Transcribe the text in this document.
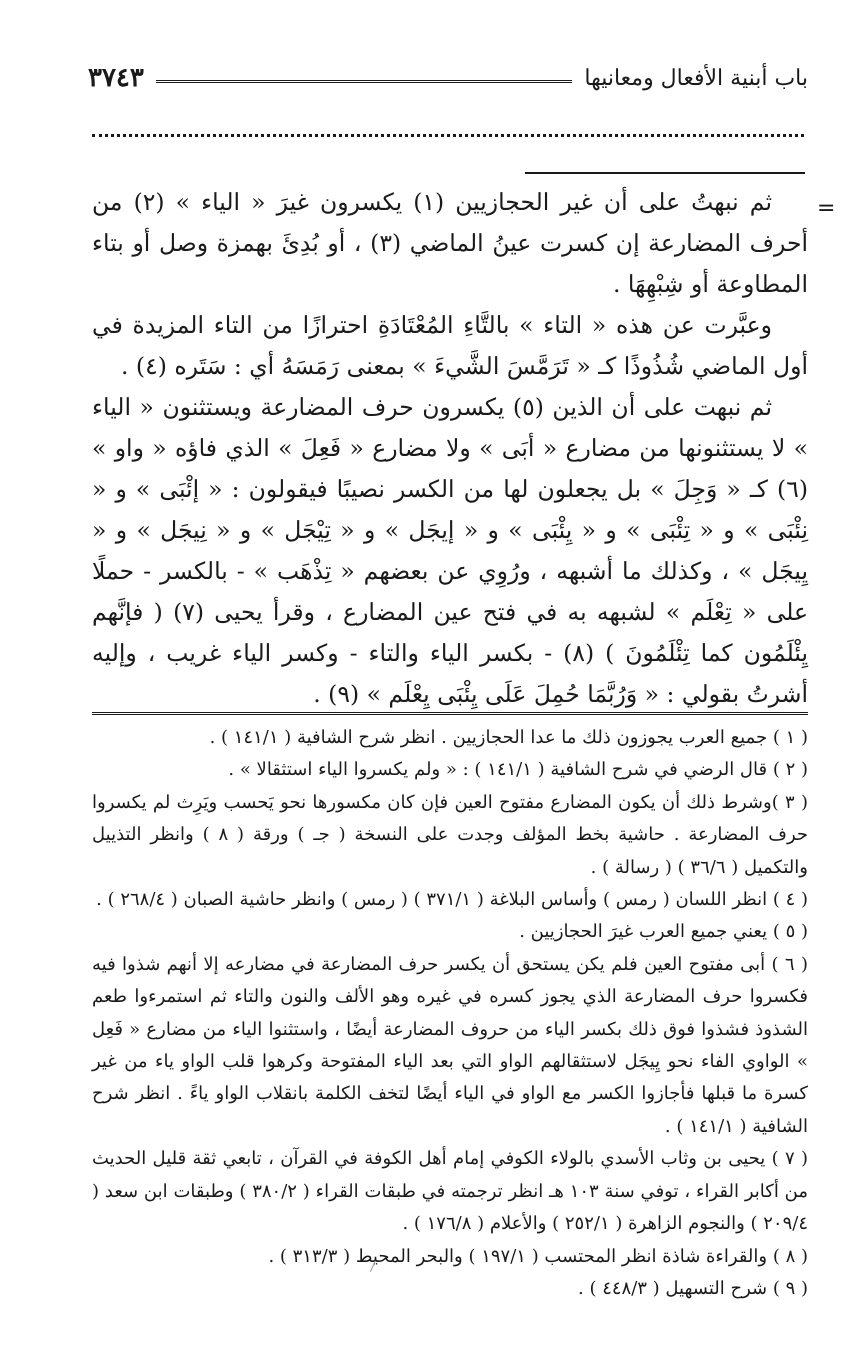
باب أبنية الأفعال ومعانيها
٣٧٤٣
=

ثم نبهتُ على أن غير الحجازيين (١) يكسرون غيرَ « الياء » (٢) من أحرف المضارعة إن كسرت عينُ الماضي (٣) ، أو بُدِئَ بهمزة وصل أو بتاء المطاوعة أو شِبْهِهَا .

وعبَّرت عن هذه « التاء » بالتَّاءِ المُعْتَادَةِ احترازًا من التاء المزيدة في أول الماضي شُذُوذًا كـ « تَرَمَّسَ الشَّيءَ » بمعنى رَمَسَهُ أي : سَتَره (٤) .

ثم نبهت على أن الذين (٥) يكسرون حرف المضارعة ويستثنون « الياء » لا يستثنونها من مضارع « أبَى » ولا مضارع « فَعِلَ » الذي فاؤه « واو » (٦) كـ « وَجِلَ » بل يجعلون لها من الكسر نصيبًا فيقولون : « إئْبَى » و « نِئْبَى » و « تِئْبَى » و « يِئْبَى » و « إيجَل » و « تِيْجَل » و « نِيجَل » و « يِيجَل » ، وكذلك ما أشبهه ، ورُوِي عن بعضهم « تِذْهَب » - بالكسر - حملًا على « تِعْلَم » لشبهه به في فتح عين المضارع ، وقرأ يحيى (٧) ( فإنَّهم يِئْلَمُون كما تِئْلَمُونَ ) (٨) - بكسر الياء والتاء - وكسر الياء غريب ، وإليه أشرتُ بقولي : « وَرُبَّمَا حُمِلَ عَلَى يِئْبَى يِعْلَم » (٩) .

( ١ ) جميع العرب يجوزون ذلك ما عدا الحجازيين . انظر شرح الشافية ( ١٤١/١ ) .

( ٢ ) قال الرضي في شرح الشافية ( ١٤١/١ ) : « ولم يكسروا الياء استثقالا » .

( ٣ )وشرط ذلك أن يكون المضارع مفتوح العين فإن كان مكسورها نحو يَحسب ويَرِث لم يكسروا حرف المضارعة . حاشية بخط المؤلف وجدت على النسخة ( جـ ) ورقة ( ٨ ) وانظر التذييل والتكميل ( ٣٦/٦ ) ( رسالة ) .

( ٤ ) انظر اللسان ( رمس ) وأساس البلاغة ( ٣٧١/١ ) ( رمس ) وانظر حاشية الصبان ( ٢٦٨/٤ ) .

( ٥ ) يعني جميع العرب غيرَ الحجازيين .

( ٦ ) أبى مفتوح العين فلم يكن يستحق أن يكسر حرف المضارعة في مضارعه إلا أنهم شذوا فيه فكسروا حرف المضارعة الذي يجوز كسره في غيره وهو الألف والنون والتاء ثم استمرءوا طعم الشذوذ فشذوا فوق ذلك بكسر الياء من حروف المضارعة أيضًا ، واستثنوا الياء من مضارع « فَعِل » الواوي الفاء نحو يِيجَل لاستثقالهم الواو التي بعد الياء المفتوحة وكرهوا قلب الواو ياء من غير كسرة ما قبلها فأجازوا الكسر مع الواو في الياء أيضًا لتخف الكلمة بانقلاب الواو ياءً . انظر شرح الشافية ( ١٤١/١ ) .

( ٧ ) يحيى بن وثاب الأسدي بالولاء الكوفي إمام أهل الكوفة في القرآن ، تابعي ثقة قليل الحديث من أكابر القراء ، توفي سنة ١٠٣ هـ انظر ترجمته في طبقات القراء ( ٣٨٠/٢ ) وطبقات ابن سعد ( ٢٠٩/٤ ) والنجوم الزاهرة ( ٢٥٢/١ ) والأعلام ( ١٧٦/٨ ) .

( ٨ ) والقراءة شاذة انظر المحتسب ( ١٩٧/١ ) والبحر المحيط ( ٣١٣/٣ ) .

( ٩ ) شرح التسهيل ( ٤٤٨/٣ ) .
